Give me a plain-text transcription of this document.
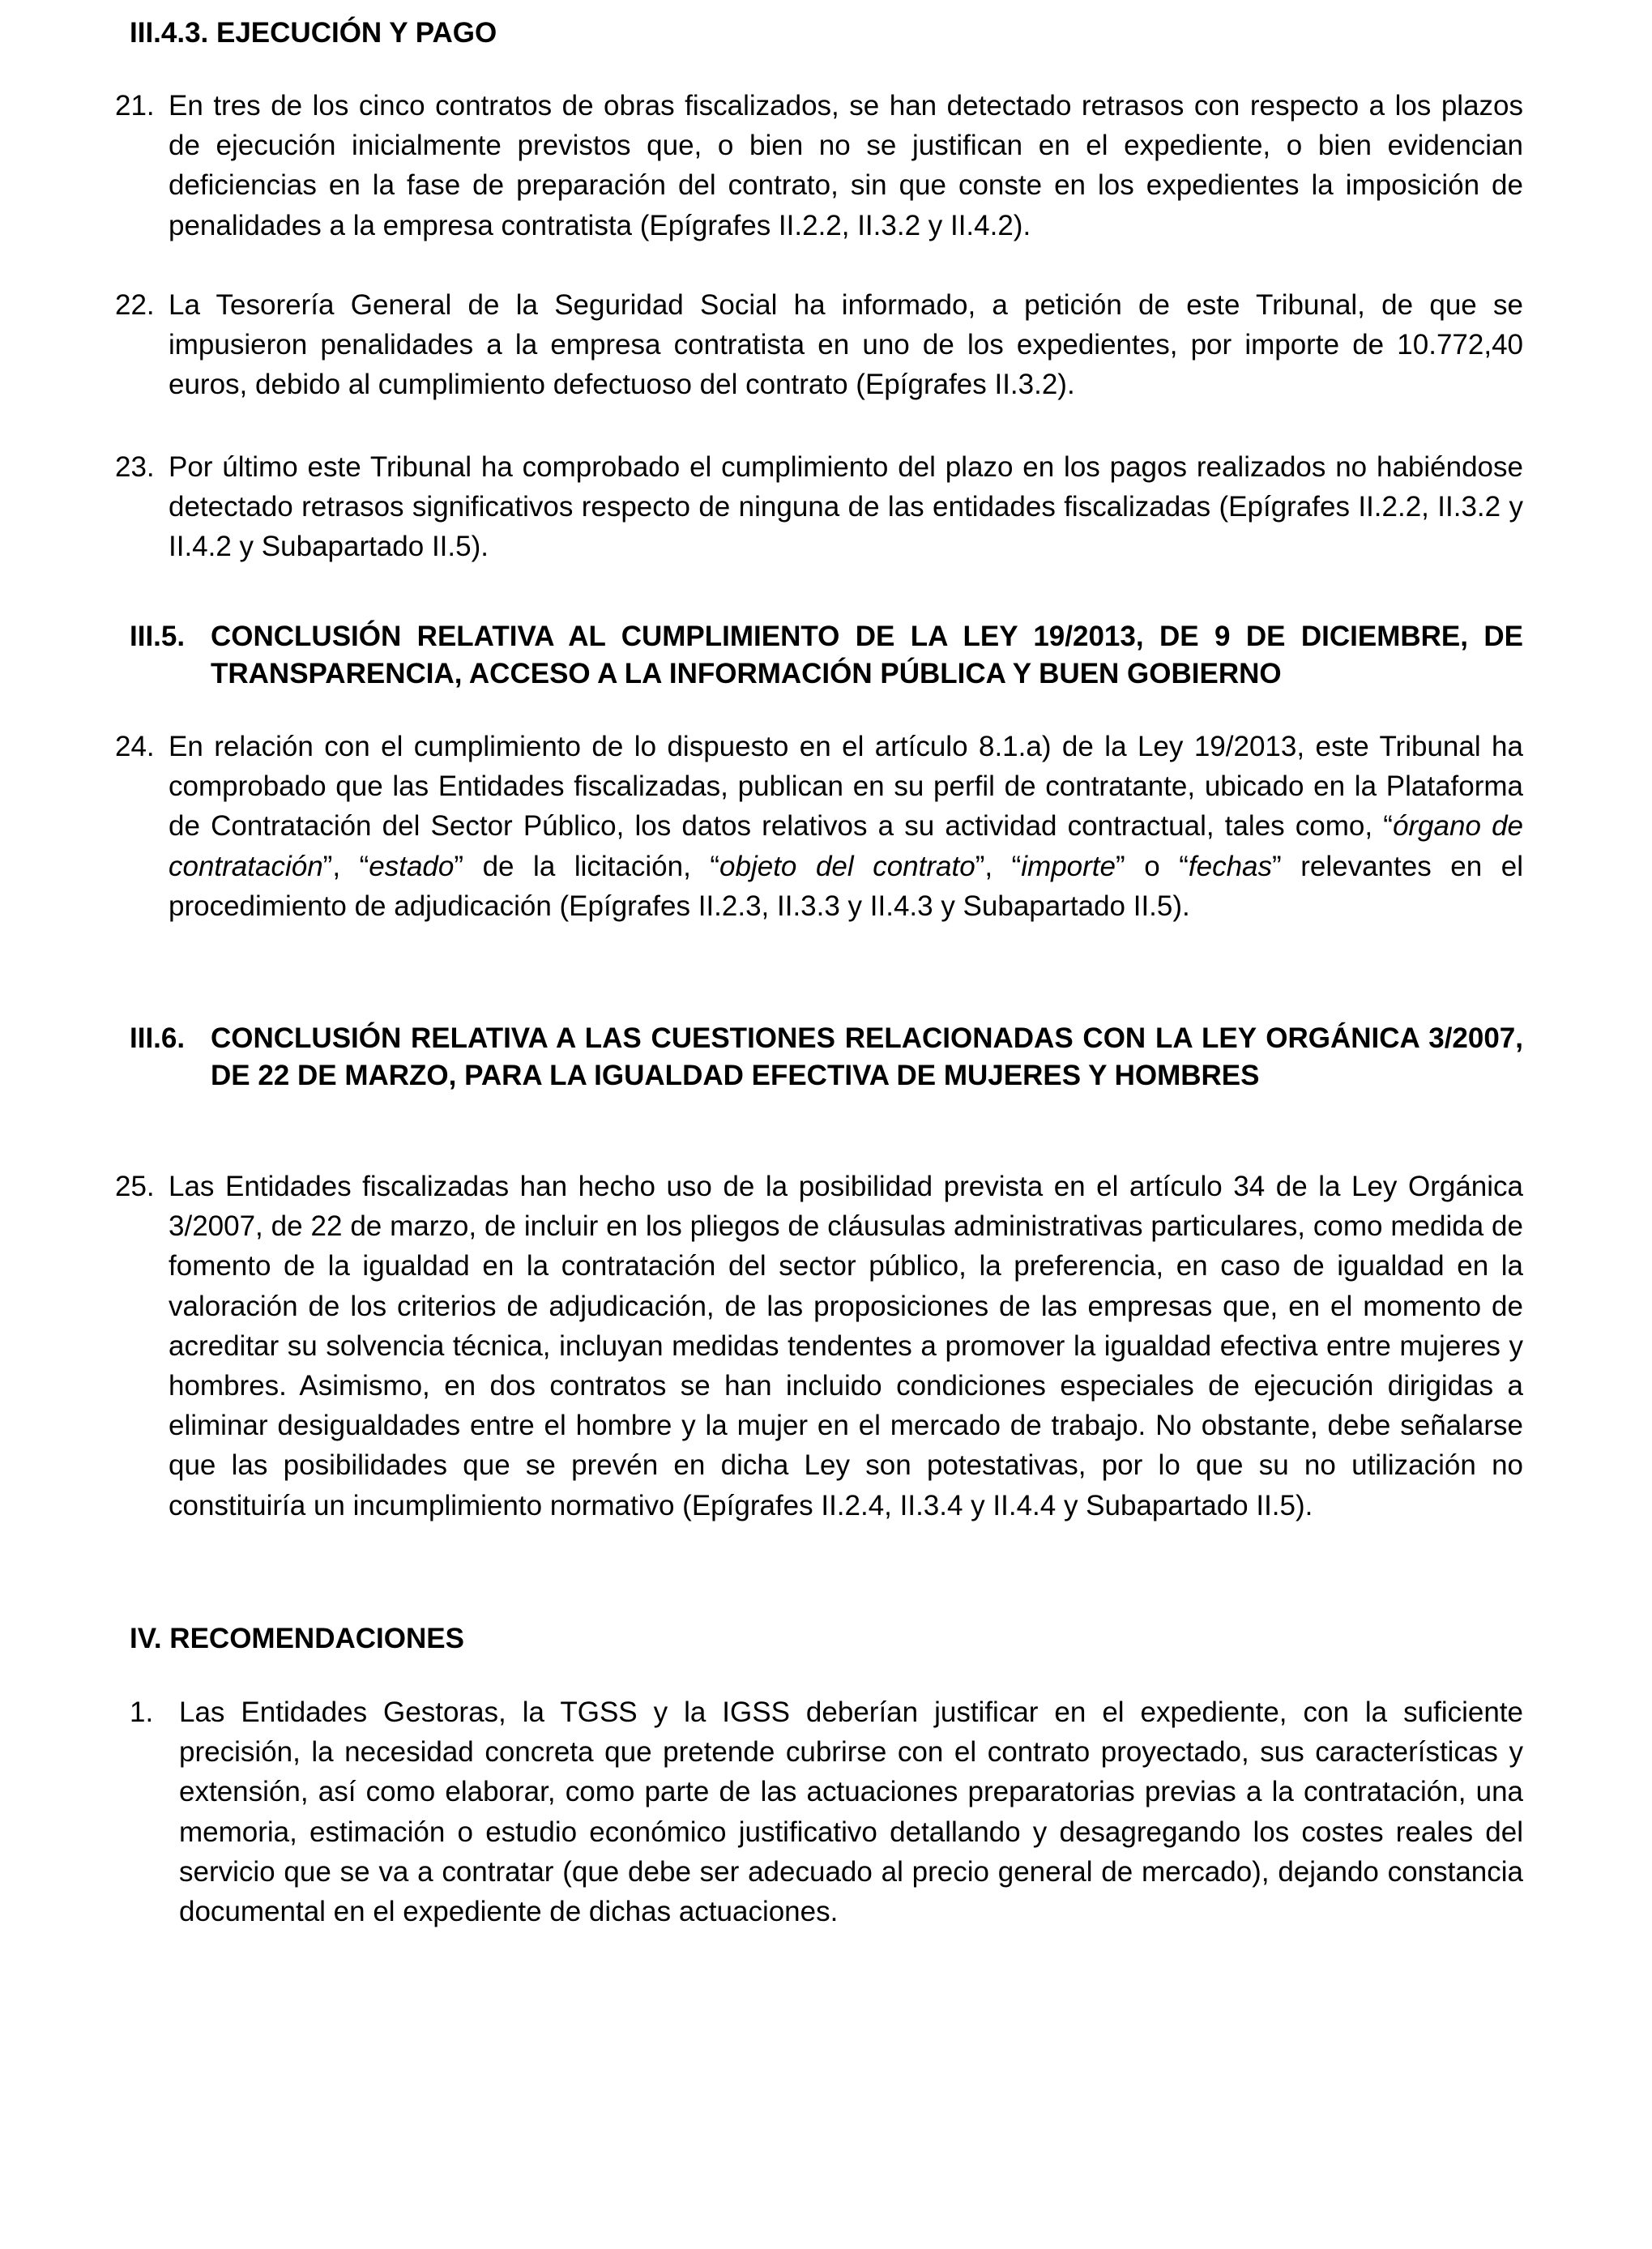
III.4.3. EJECUCIÓN Y PAGO
21. En tres de los cinco contratos de obras fiscalizados, se han detectado retrasos con respecto a los plazos de ejecución inicialmente previstos que, o bien no se justifican en el expediente, o bien evidencian deficiencias en la fase de preparación del contrato, sin que conste en los expedientes la imposición de penalidades a la empresa contratista (Epígrafes II.2.2, II.3.2 y II.4.2).
22. La Tesorería General de la Seguridad Social ha informado, a petición de este Tribunal, de que se impusieron penalidades a la empresa contratista en uno de los expedientes, por importe de 10.772,40 euros, debido al cumplimiento defectuoso del contrato (Epígrafes II.3.2).
23. Por último este Tribunal ha comprobado el cumplimiento del plazo en los pagos realizados no habiéndose detectado retrasos significativos respecto de ninguna de las entidades fiscalizadas (Epígrafes II.2.2, II.3.2 y II.4.2 y Subapartado II.5).
III.5. CONCLUSIÓN RELATIVA AL CUMPLIMIENTO DE LA LEY 19/2013, DE 9 DE DICIEMBRE, DE TRANSPARENCIA, ACCESO A LA INFORMACIÓN PÚBLICA Y BUEN GOBIERNO
24. En relación con el cumplimiento de lo dispuesto en el artículo 8.1.a) de la Ley 19/2013, este Tribunal ha comprobado que las Entidades fiscalizadas, publican en su perfil de contratante, ubicado en la Plataforma de Contratación del Sector Público, los datos relativos a su actividad contractual, tales como, “órgano de contratación”, “estado” de la licitación, “objeto del contrato”, “importe” o “fechas” relevantes en el procedimiento de adjudicación (Epígrafes II.2.3, II.3.3 y II.4.3 y Subapartado II.5).
III.6. CONCLUSIÓN RELATIVA A LAS CUESTIONES RELACIONADAS CON LA LEY ORGÁNICA 3/2007, DE 22 DE MARZO, PARA LA IGUALDAD EFECTIVA DE MUJERES Y HOMBRES
25. Las Entidades fiscalizadas han hecho uso de la posibilidad prevista en el artículo 34 de la Ley Orgánica 3/2007, de 22 de marzo, de incluir en los pliegos de cláusulas administrativas particulares, como medida de fomento de la igualdad en la contratación del sector público, la preferencia, en caso de igualdad en la valoración de los criterios de adjudicación, de las proposiciones de las empresas que, en el momento de acreditar su solvencia técnica, incluyan medidas tendentes a promover la igualdad efectiva entre mujeres y hombres. Asimismo, en dos contratos se han incluido condiciones especiales de ejecución dirigidas a eliminar desigualdades entre el hombre y la mujer en el mercado de trabajo. No obstante, debe señalarse que las posibilidades que se prevén en dicha Ley son potestativas, por lo que su no utilización no constituiría un incumplimiento normativo (Epígrafes II.2.4, II.3.4 y II.4.4 y Subapartado II.5).
IV. RECOMENDACIONES
1. Las Entidades Gestoras, la TGSS y la IGSS deberían justificar en el expediente, con la suficiente precisión, la necesidad concreta que pretende cubrirse con el contrato proyectado, sus características y extensión, así como elaborar, como parte de las actuaciones preparatorias previas a la contratación, una memoria, estimación o estudio económico justificativo detallando y desagregando los costes reales del servicio que se va a contratar (que debe ser adecuado al precio general de mercado), dejando constancia documental en el expediente de dichas actuaciones.
